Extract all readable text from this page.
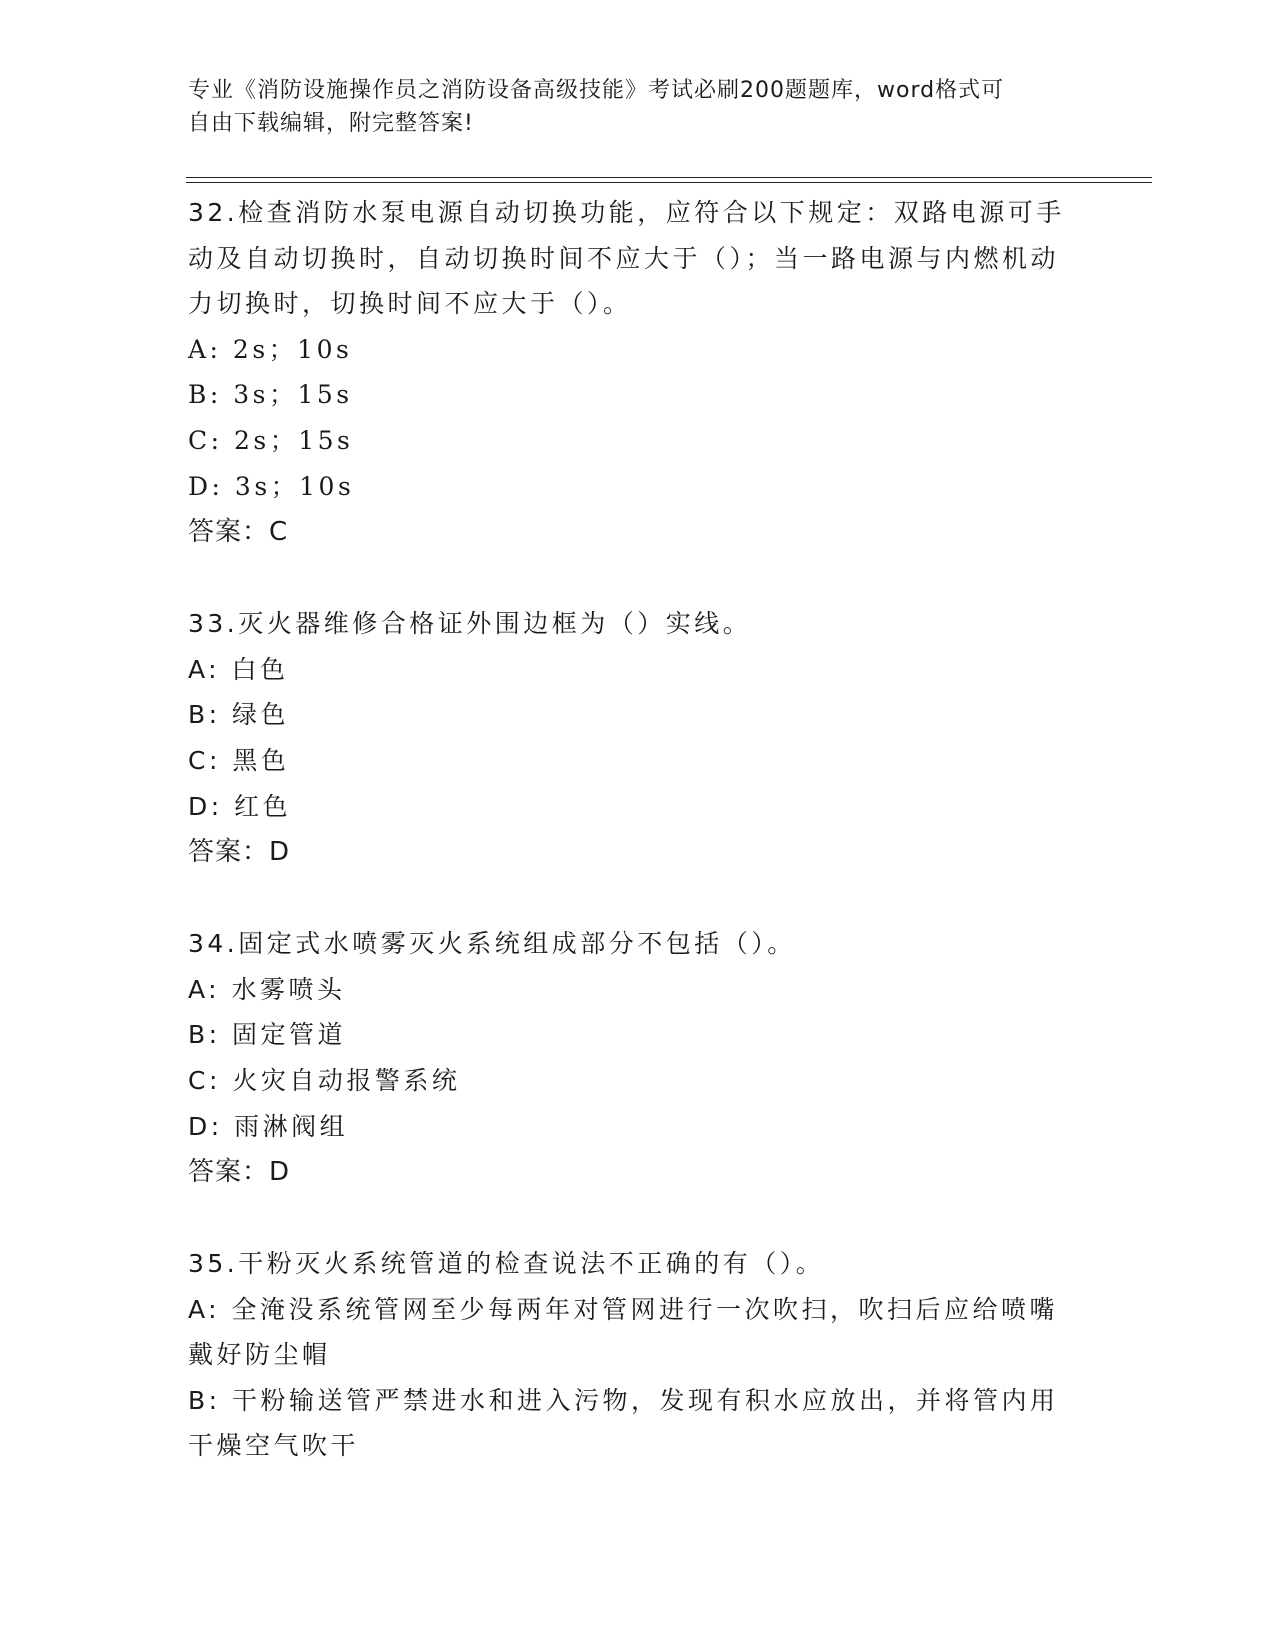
专业《消防设施操作员之消防设备高级技能》考试必刷200题题库，word格式可
自由下载编辑，附完整答案!
32.检查消防水泵电源自动切换功能，应符合以下规定：双路电源可手动及自动切换时，自动切换时间不应大于（）；当一路电源与内燃机动力切换时，切换时间不应大于（）。
A: 2s；10s
B: 3s；15s
C: 2s；15s
D: 3s；10s
答案：C
33.灭火器维修合格证外围边框为（）实线。
A: 白色
B: 绿色
C: 黑色
D: 红色
答案：D
34.固定式水喷雾灭火系统组成部分不包括（）。
A: 水雾喷头
B: 固定管道
C: 火灾自动报警系统
D: 雨淋阀组
答案：D
35.干粉灭火系统管道的检查说法不正确的有（）。
A: 全淹没系统管网至少每两年对管网进行一次吹扫，吹扫后应给喷嘴戴好防尘帽
B: 干粉输送管严禁进水和进入污物，发现有积水应放出，并将管内用干燥空气吹干
